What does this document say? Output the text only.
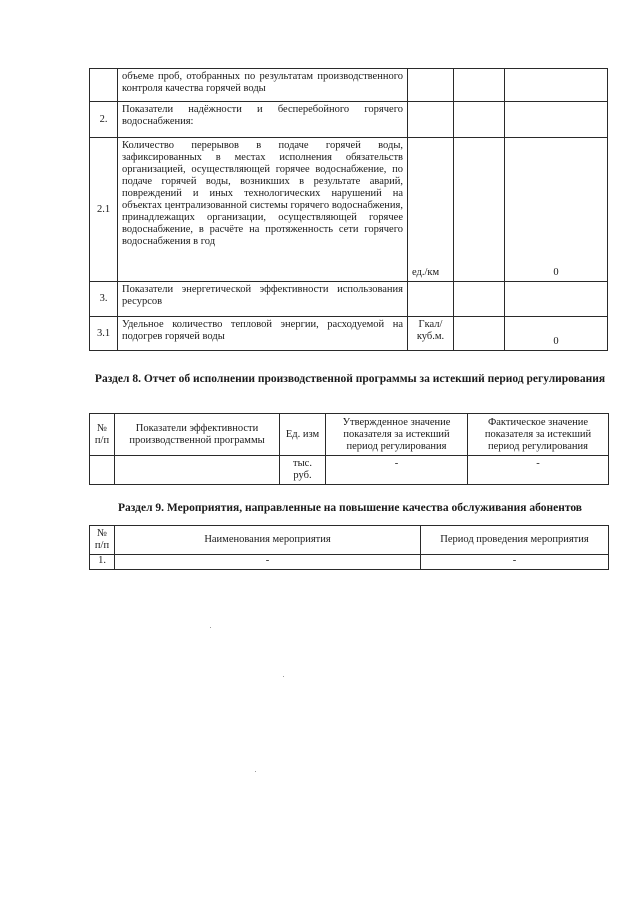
	объеме проб, отобранных по результатам производственного контроля качества горячей воды			
2.	Показатели надёжности и бесперебойного горячего водоснабжения:			
2.1	Количество перерывов в подаче горячей воды, зафиксированных в местах исполнения обязательств организацией, осуществляющей горячее водоснабжение, по подаче горячей воды, возникших в результате аварий, повреждений и иных технологических нарушений на объектах централизованной системы горячего водоснабжения, принадлежащих организации, осуществляющей горячее водоснабжение, в расчёте на протяженность сети горячего водоснабжения в год	ед./км		0
3.	Показатели энергетической эффективности использования ресурсов			
3.1	Удельное количество тепловой энергии, расходуемой на подогрев горячей воды	Гкал/ куб.м.		0
Раздел 8. Отчет об исполнении производственной программы за истекший период регулирования
№ п/п	Показатели эффективности производственной программы	Ед. изм	Утвержденное значение показателя за истекший период регулирования	Фактическое значение показателя за истекший период регулирования
		тыс. руб.	-	-
Раздел 9. Мероприятия, направленные на повышение качества обслуживания абонентов
№ п/п	Наименования мероприятия	Период проведения мероприятия
1.	-	-
